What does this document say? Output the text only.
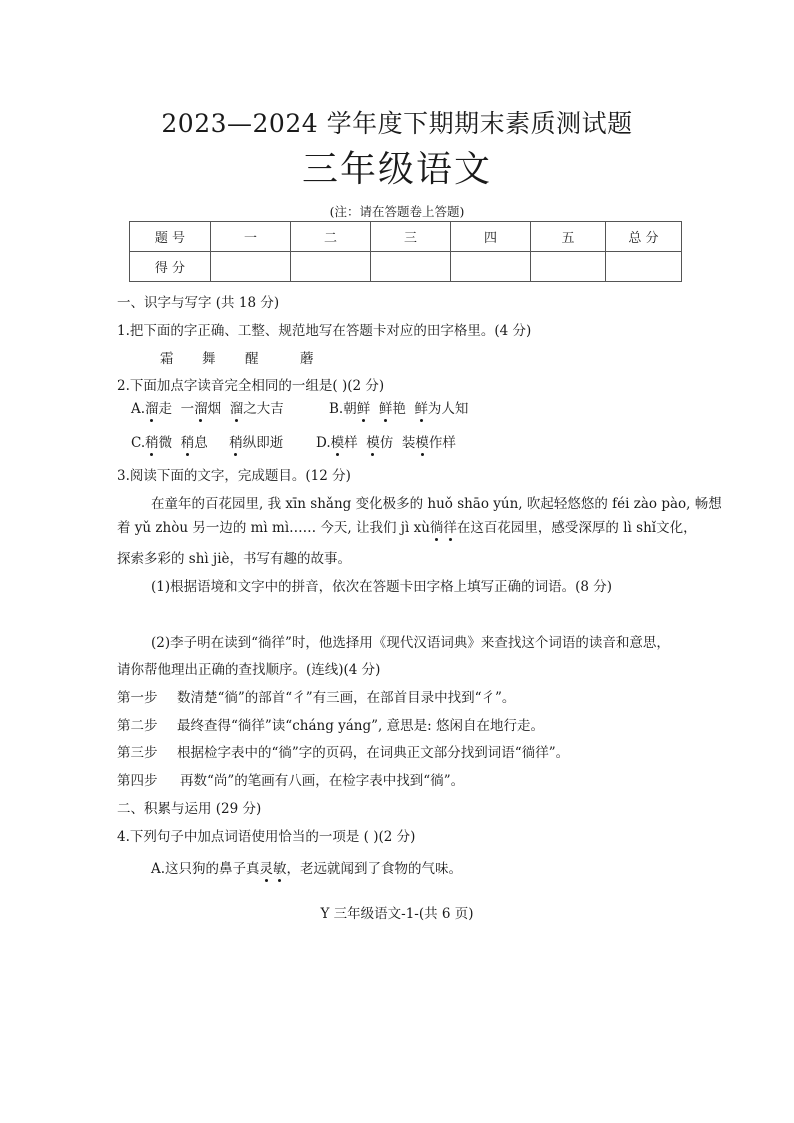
2023—2024 学年度下期期末素质测试题
三年级语文
(注：请在答题卷上答题)
题 号	一	二	三	四	五	总 分
得 分						
一、识字与写字 (共 18 分)
1.把下面的字正确、工整、规范地写在答题卡对应的田字格里。(4 分)
霜 舞 醒	蘑
2.下面加点字读音完全相同的一组是( )(2 分)
A.溜走  一溜烟  溜之大吉	B.朝鲜 鲜艳  鲜为人知
C.稍微  稍息     稍纵即逝 D.模样  模仿  装模作样
3.阅读下面的文字，完成题目。(12 分)
在童年的百花园里, 我 xīn shǎng 变化极多的 huǒ shāo yún, 吹起轻悠悠的 féi zào pào, 畅想
着 yǔ zhòu 另一边的 mì mì…… 今天, 让我们 jì xù徜徉在这百花园里，感受深厚的 lì shǐ文化，
探索多彩的 shì jiè，书写有趣的故事。
(1)根据语境和文字中的拼音，依次在答题卡田字格上填写正确的词语。(8 分)
(2)李子明在读到“徜徉”时，他选择用《现代汉语词典》来查找这个词语的读音和意思，
请你帮他理出正确的查找顺序。(连线)(4 分)
第一步 数清楚“徜”的部首“彳”有三画，在部首目录中找到“彳”。
第二步 最终查得“徜徉”读“cháng yáng”, 意思是: 悠闲自在地行走。
第三步 根据检字表中的“徜”字的页码，在词典正文部分找到词语“徜徉”。
第四步 再数“尚”的笔画有八画，在检字表中找到“徜”。
二、积累与运用 (29 分)
4.下列句子中加点词语使用恰当的一项是 ( )(2 分)
A.这只狗的鼻子真灵敏，老远就闻到了食物的气味。
Y 三年级语文-1-(共 6 页)
